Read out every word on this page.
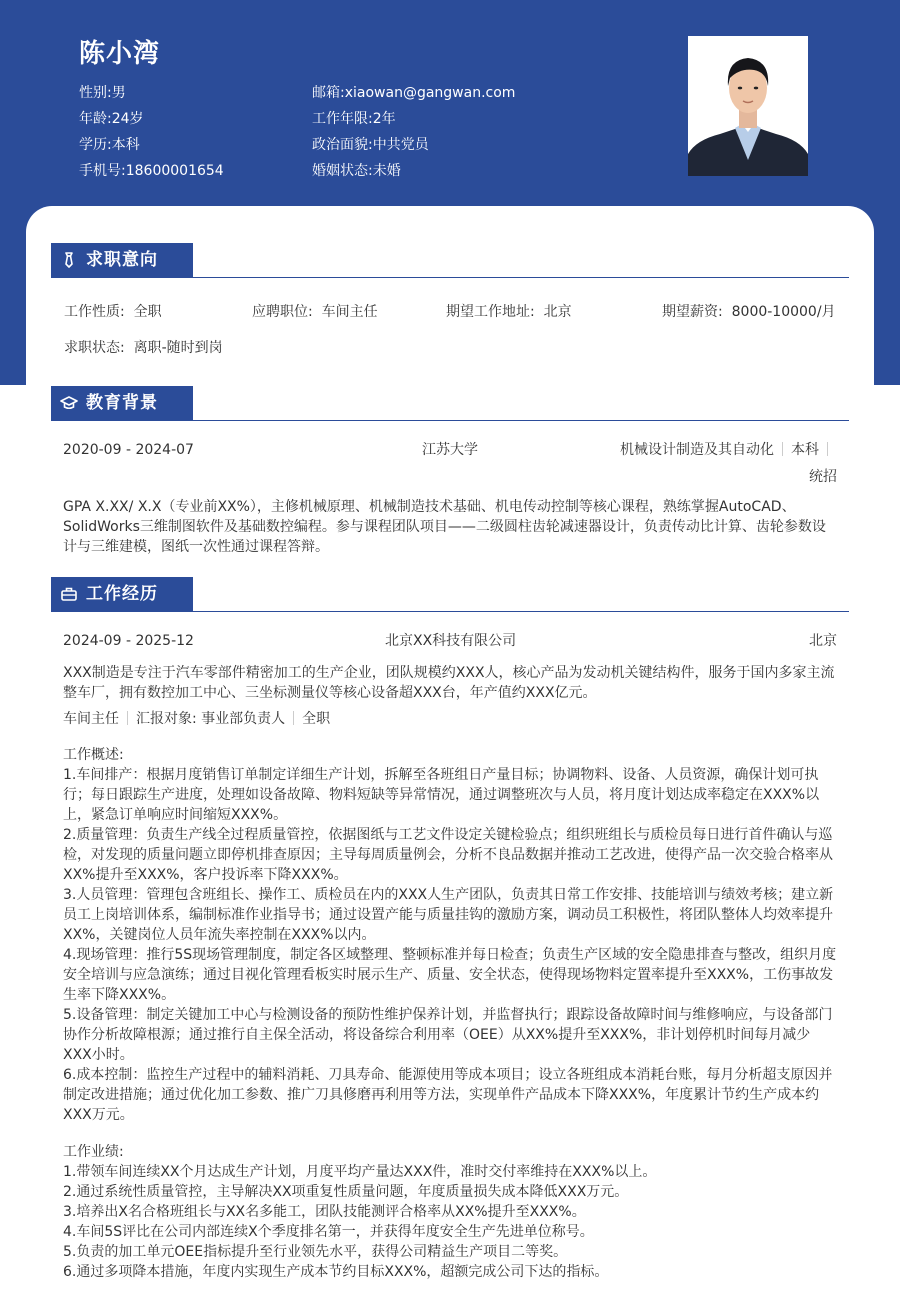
陈小湾
性别:男
年龄:24岁
学历:本科
手机号:18600001654
邮箱:xiaowan@gangwan.com
工作年限:2年
政治面貌:中共党员
婚姻状态:未婚
求职意向
工作性质: 全职	应聘职位: 车间主任	期望工作地址: 北京	期望薪资: 8000-10000/月
求职状态: 离职-随时到岗
教育背景
2020-09 - 2024-07	江苏大学	机械设计制造及其自动化 本科
统招
GPA X.XX/ X.X（专业前XX%），主修机械原理、机械制造技术基础、机电传动控制等核心课程，熟练掌握AutoCAD、SolidWorks三维制图软件及基础数控编程。参与课程团队项目——二级圆柱齿轮减速器设计，负责传动比计算、齿轮参数设计与三维建模，图纸一次性通过课程答辩。
工作经历
2024-09 - 2025-12	北京XX科技有限公司	北京
XXX制造是专注于汽车零部件精密加工的生产企业，团队规模约XXX人，核心产品为发动机关键结构件，服务于国内多家主流整车厂，拥有数控加工中心、三坐标测量仪等核心设备超XXX台，年产值约XXX亿元。
车间主任 汇报对象: 事业部负责人 全职

工作概述:

1.车间排产：根据月度销售订单制定详细生产计划，拆解至各班组日产量目标；协调物料、设备、人员资源，确保计划可执行；每日跟踪生产进度，处理如设备故障、物料短缺等异常情况，通过调整班次与人员，将月度计划达成率稳定在XXX%以上，紧急订单响应时间缩短XXX%。

2.质量管理：负责生产线全过程质量管控，依据图纸与工艺文件设定关键检验点；组织班组长与质检员每日进行首件确认与巡检，对发现的质量问题立即停机排查原因；主导每周质量例会，分析不良品数据并推动工艺改进，使得产品一次交验合格率从XX%提升至XXX%，客户投诉率下降XXX%。

3.人员管理：管理包含班组长、操作工、质检员在内的XXX人生产团队，负责其日常工作安排、技能培训与绩效考核；建立新员工上岗培训体系，编制标准作业指导书；通过设置产能与质量挂钩的激励方案，调动员工积极性，将团队整体人均效率提升XX%，关键岗位人员年流失率控制在XXX%以内。

4.现场管理：推行5S现场管理制度，制定各区域整理、整顿标准并每日检查；负责生产区域的安全隐患排查与整改，组织月度安全培训与应急演练；通过目视化管理看板实时展示生产、质量、安全状态，使得现场物料定置率提升至XXX%，工伤事故发生率下降XXX%。

5.设备管理：制定关键加工中心与检测设备的预防性维护保养计划，并监督执行；跟踪设备故障时间与维修响应，与设备部门协作分析故障根源；通过推行自主保全活动，将设备综合利用率（OEE）从XX%提升至XXX%，非计划停机时间每月减少XXX小时。

6.成本控制：监控生产过程中的辅料消耗、刀具寿命、能源使用等成本项目；设立各班组成本消耗台账，每月分析超支原因并制定改进措施；通过优化加工参数、推广刀具修磨再利用等方法，实现单件产品成本下降XXX%，年度累计节约生产成本约XXX万元。

工作业绩:

1.带领车间连续XX个月达成生产计划，月度平均产量达XXX件，准时交付率维持在XXX%以上。

2.通过系统性质量管控，主导解决XX项重复性质量问题，年度质量损失成本降低XXX万元。

3.培养出X名合格班组长与XX名多能工，团队技能测评合格率从XX%提升至XXX%。

4.车间5S评比在公司内部连续X个季度排名第一，并获得年度安全生产先进单位称号。

5.负责的加工单元OEE指标提升至行业领先水平，获得公司精益生产项目二等奖。

6.通过多项降本措施，年度内实现生产成本节约目标XXX%，超额完成公司下达的指标。
